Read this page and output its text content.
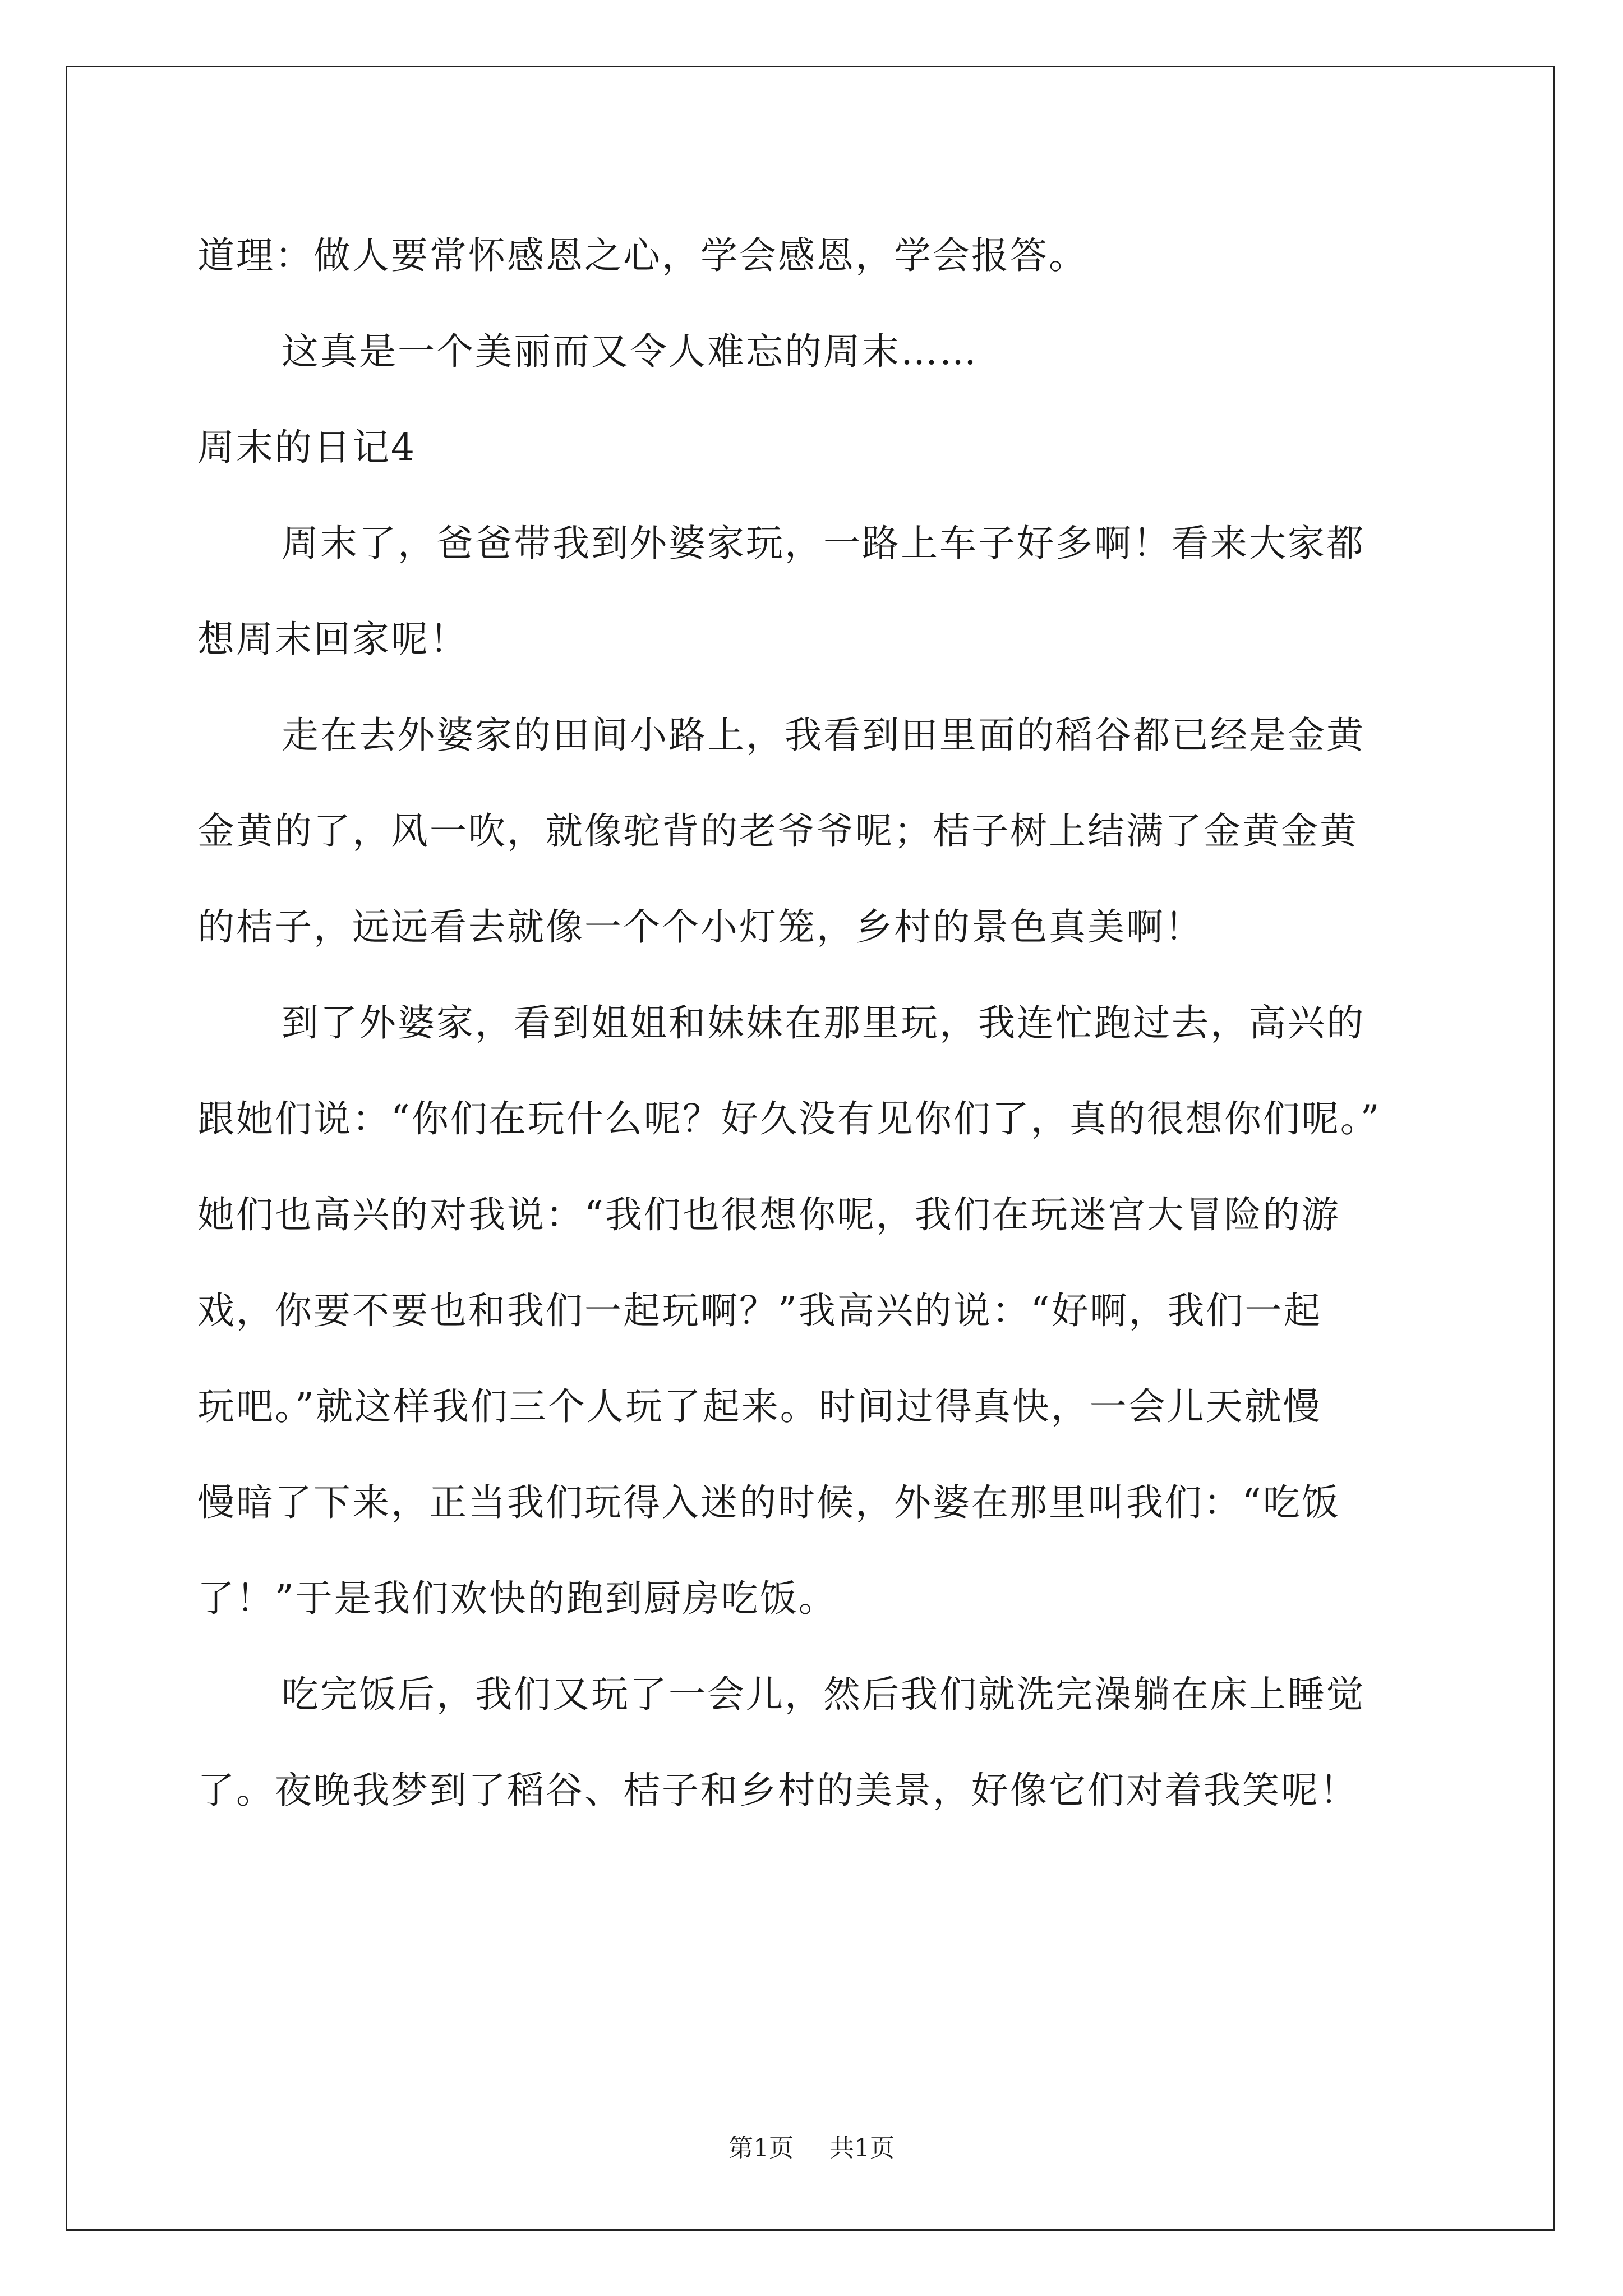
道理：做人要常怀感恩之心，学会感恩，学会报答。
这真是一个美丽而又令人难忘的周末……
周末的日记4
周末了，爸爸带我到外婆家玩，一路上车子好多啊！看来大家都
想周末回家呢！
走在去外婆家的田间小路上，我看到田里面的稻谷都已经是金黄
金黄的了，风一吹，就像驼背的老爷爷呢；桔子树上结满了金黄金黄
的桔子，远远看去就像一个个小灯笼，乡村的景色真美啊！
到了外婆家，看到姐姐和妹妹在那里玩，我连忙跑过去，高兴的
跟她们说：“你们在玩什么呢？好久没有见你们了，真的很想你们呢。”
她们也高兴的对我说：“我们也很想你呢，我们在玩迷宫大冒险的游
戏，你要不要也和我们一起玩啊？”我高兴的说：“好啊，我们一起
玩吧。”就这样我们三个人玩了起来。时间过得真快，一会儿天就慢
慢暗了下来，正当我们玩得入迷的时候，外婆在那里叫我们：“吃饭
了！”于是我们欢快的跑到厨房吃饭。
吃完饭后，我们又玩了一会儿，然后我们就洗完澡躺在床上睡觉
了。夜晚我梦到了稻谷、桔子和乡村的美景，好像它们对着我笑呢！
第1页 共1页
